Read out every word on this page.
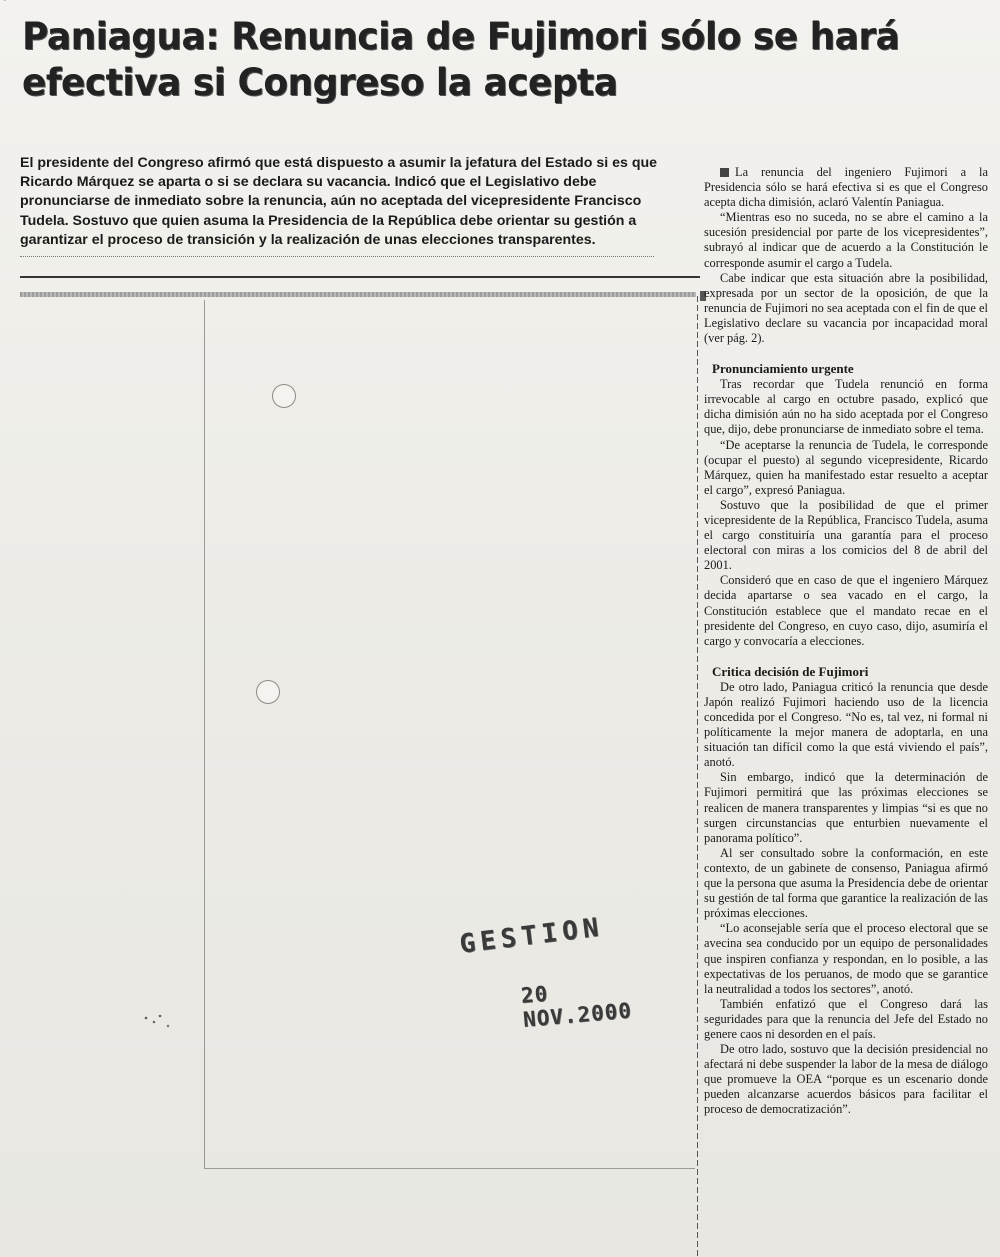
Paniagua: Renuncia de Fujimori sólo se hará
efectiva si Congreso la acepta
El presidente del Congreso afirmó que está dispuesto a asumir la jefatura del Estado si es que Ricardo Márquez se aparta o si se declara su vacancia. Indicó que el Legislativo debe pronunciarse de inmediato sobre la renuncia, aún no aceptada del vicepresidente Francisco Tudela. Sostuvo que quien asuma la Presidencia de la República debe orientar su gestión a garantizar el proceso de transición y la realización de unas elecciones transparentes.

La renuncia del ingeniero Fujimori a la Presidencia sólo se hará efectiva si es que el Congreso acepta dicha dimisión, aclaró Valentín Paniagua.

“Mientras eso no suceda, no se abre el camino a la sucesión presidencial por parte de los vicepresidentes”, subrayó al indicar que de acuerdo a la Constitución le corresponde asumir el cargo a Tudela.

Cabe indicar que esta situación abre la posibilidad, expresada por un sector de la oposición, de que la renuncia de Fujimori no sea aceptada con el fin de que el Legislativo declare su vacancia por incapacidad moral (ver pág. 2).

Pronunciamiento urgente

Tras recordar que Tudela renunció en forma irrevocable al cargo en octubre pasado, explicó que dicha dimisión aún no ha sido aceptada por el Congreso que, dijo, debe pronunciarse de inmediato sobre el tema.

“De aceptarse la renuncia de Tudela, le corresponde (ocupar el puesto) al segundo vicepresidente, Ricardo Márquez, quien ha manifestado estar resuelto a aceptar el cargo”, expresó Paniagua.

Sostuvo que la posibilidad de que el primer vicepresidente de la República, Francisco Tudela, asuma el cargo constituiría una garantía para el proceso electoral con miras a los comicios del 8 de abril del 2001.

Consideró que en caso de que el ingeniero Márquez decida apartarse o sea vacado en el cargo, la Constitución establece que el mandato recae en el presidente del Congreso, en cuyo caso, dijo, asumiría el cargo y convocaría a elecciones.

Critica decisión de Fujimori

De otro lado, Paniagua criticó la renuncia que desde Japón realizó Fujimori haciendo uso de la licencia concedida por el Congreso. “No es, tal vez, ni formal ni políticamente la mejor manera de adoptarla, en una situación tan difícil como la que está viviendo el país”, anotó.

Sin embargo, indicó que la determinación de Fujimori permitirá que las próximas elecciones se realicen de manera transparentes y limpias “si es que no surgen circunstancias que enturbien nuevamente el panorama político”.

Al ser consultado sobre la conformación, en este contexto, de un gabinete de consenso, Paniagua afirmó que la persona que asuma la Presidencia debe de orientar su gestión de tal forma que garantice la realización de las próximas elecciones.

“Lo aconsejable sería que el proceso electoral que se avecina sea conducido por un equipo de personalidades que inspiren confianza y respondan, en lo posible, a las expectativas de los peruanos, de modo que se garantice la neutralidad a todos los sectores”, anotó.

También enfatizó que el Congreso dará las seguridades para que la renuncia del Jefe del Estado no genere caos ni desorden en el país.

De otro lado, sostuvo que la decisión presidencial no afectará ni debe suspender la labor de la mesa de diálogo que promueve la OEA “porque es un escenario donde pueden alcanzarse acuerdos básicos para facilitar el proceso de democratización”.

GESTION
20 NOV.2000
